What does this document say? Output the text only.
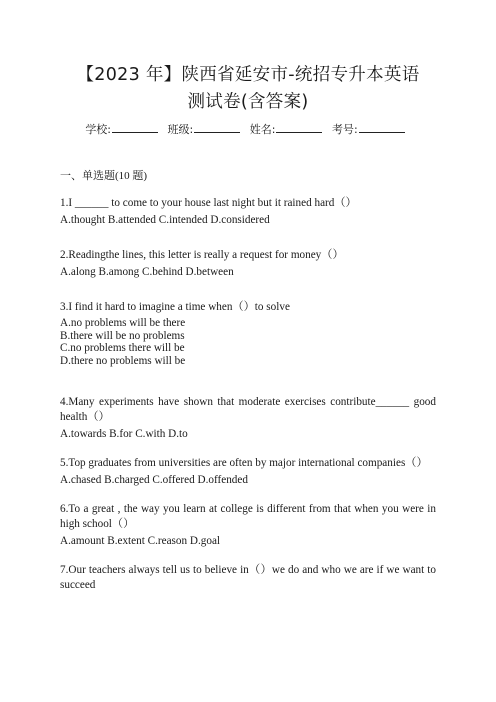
【2023 年】陕西省延安市-统招专升本英语
测试卷(含答案)
学校:	班级:	姓名:	考号:
一、单选题(10 题)

1.I ______ to come to your house last night but it rained hard（）

A.thought B.attended C.intended D.considered

2.Readingthe lines, this letter is really a request for money（）

A.along B.among C.behind D.between

3.I find it hard to imagine a time when（）to solve

A.no problems will be there

B.there will be no problems

C.no problems there will be

D.there no problems will be

4.Many experiments have shown that moderate exercises contribute______ good health（）

A.towards B.for C.with D.to

5.Top graduates from universities are often by major international companies（）

A.chased B.charged C.offered D.offended

6.To a great , the way you learn at college is different from that when you were in high school（）

A.amount B.extent C.reason D.goal

7.Our teachers always tell us to believe in（）we do and who we are if we want to succeed
